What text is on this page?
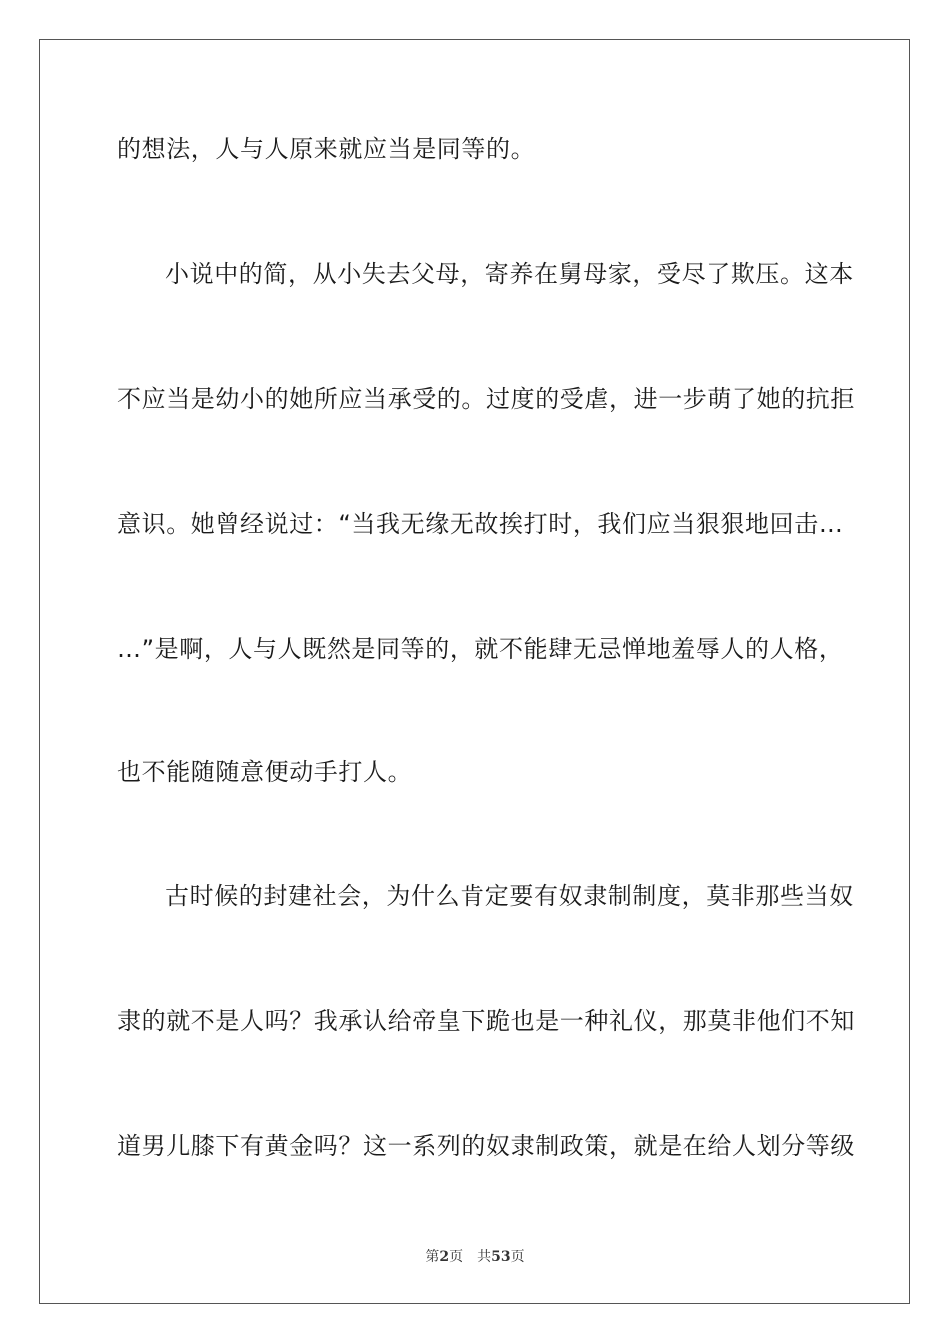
的想法，人与人原来就应当是同等的。
小说中的简，从小失去父母，寄养在舅母家，受尽了欺压。这本
不应当是幼小的她所应当承受的。过度的受虐，进一步萌了她的抗拒
意识。她曾经说过：“当我无缘无故挨打时，我们应当狠狠地回击…
…”是啊，人与人既然是同等的，就不能肆无忌惮地羞辱人的人格，
也不能随随意便动手打人。
古时候的封建社会，为什么肯定要有奴隶制制度，莫非那些当奴
隶的就不是人吗？我承认给帝皇下跪也是一种礼仪，那莫非他们不知
道男儿膝下有黄金吗？这一系列的奴隶制政策，就是在给人划分等级
第2页 共53页
